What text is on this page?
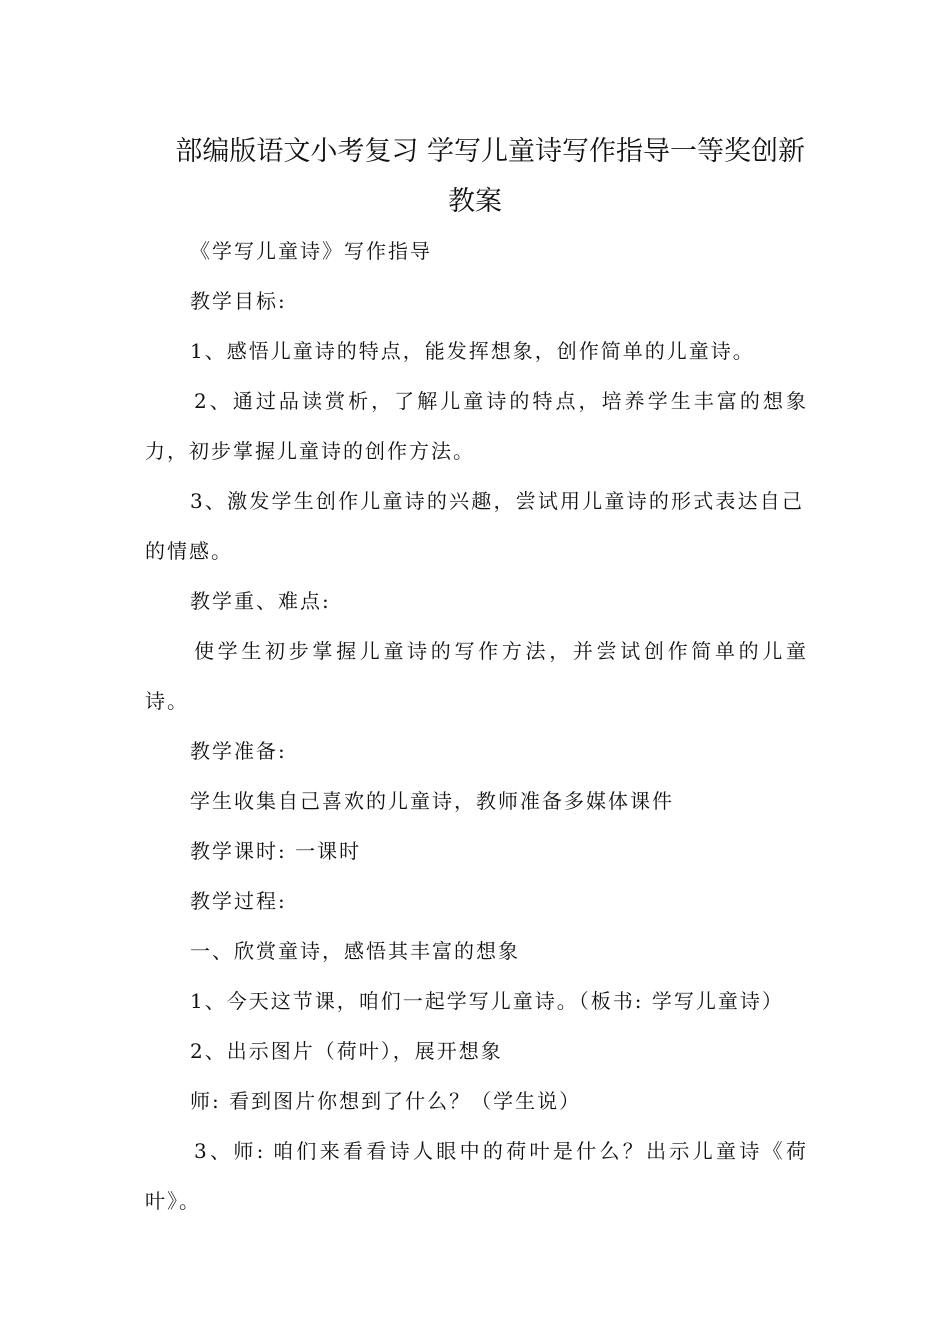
部编版语文小考复习 学写儿童诗写作指导一等奖创新
教案
《学写儿童诗》写作指导
教学目标:
1、感悟儿童诗的特点，能发挥想象，创作简单的儿童诗。
2、通过品读赏析，了解儿童诗的特点，培养学生丰富的想象
力，初步掌握儿童诗的创作方法。
3、激发学生创作儿童诗的兴趣，尝试用儿童诗的形式表达自己
的情感。
教学重、难点:
使学生初步掌握儿童诗的写作方法，并尝试创作简单的儿童
诗。
教学准备:
学生收集自己喜欢的儿童诗，教师准备多媒体课件
教学课时: 一课时
教学过程:
一、欣赏童诗，感悟其丰富的想象
1、今天这节课，咱们一起学写儿童诗。（板书: 学写儿童诗）
2、出示图片（荷叶），展开想象
师: 看到图片你想到了什么？（学生说）
3、师: 咱们来看看诗人眼中的荷叶是什么？出示儿童诗《荷
叶》。
